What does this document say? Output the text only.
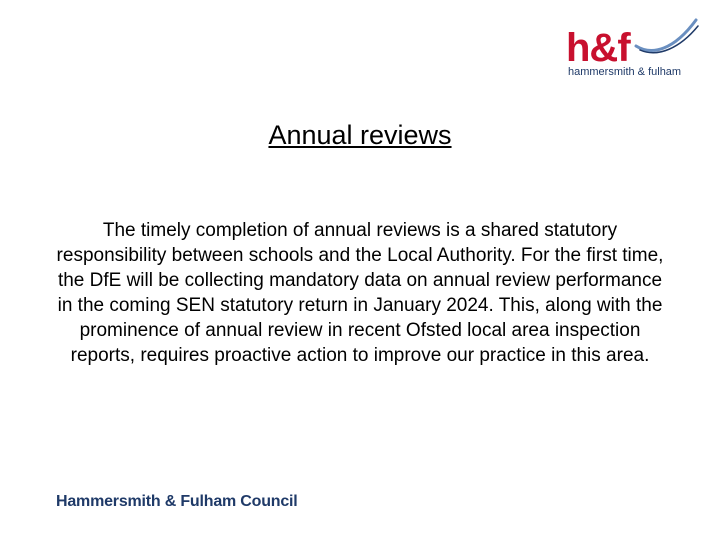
h&f
hammersmith & fulham
Annual reviews
The timely completion of annual reviews is a shared statutory responsibility between schools and the Local Authority. For the first time, the DfE will be collecting mandatory data on annual review performance in the coming SEN statutory return in January 2024. This, along with the prominence of annual review in recent Ofsted local area inspection reports, requires proactive action to improve our practice in this area.
Hammersmith & Fulham Council
